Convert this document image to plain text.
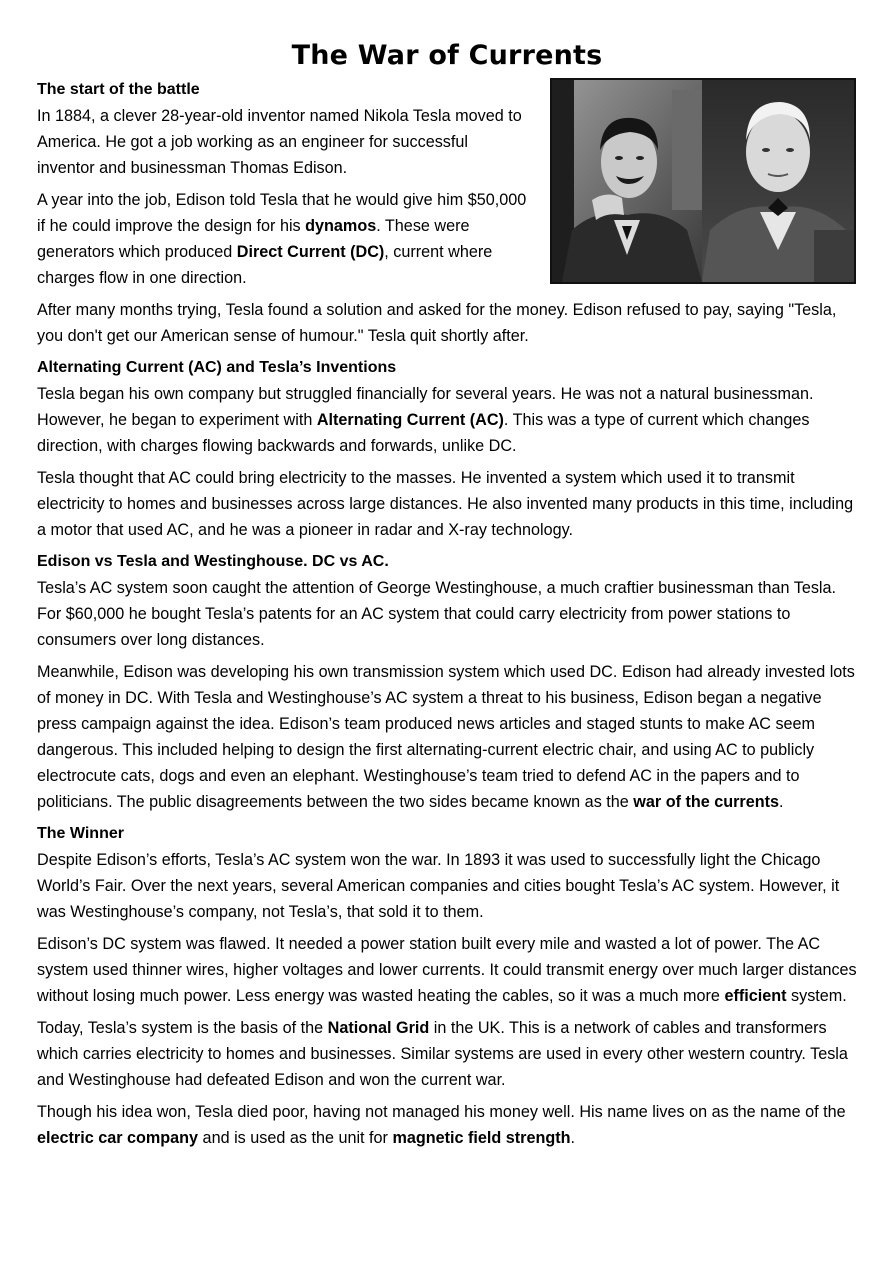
The War of Currents
The start of the battle

In 1884, a clever 28-year-old inventor named Nikola Tesla moved to America. He got a job working as an engineer for successful inventor and businessman Thomas Edison.

A year into the job, Edison told Tesla that he would give him $50,000 if he could improve the design for his dynamos. These were generators which produced Direct Current (DC), current where charges flow in one direction.

After many months trying, Tesla found a solution and asked for the money. Edison refused to pay, saying "Tesla, you don't get our American sense of humour." Tesla quit shortly after.

Alternating Current (AC) and Tesla’s Inventions

Tesla began his own company but struggled financially for several years. He was not a natural businessman. However, he began to experiment with Alternating Current (AC). This was a type of current which changes direction, with charges flowing backwards and forwards, unlike DC.

Tesla thought that AC could bring electricity to the masses. He invented a system which used it to transmit electricity to homes and businesses across large distances. He also invented many products in this time, including a motor that used AC, and he was a pioneer in radar and X-ray technology.

Edison vs Tesla and Westinghouse. DC vs AC.

Tesla’s AC system soon caught the attention of George Westinghouse, a much craftier businessman than Tesla. For $60,000 he bought Tesla’s patents for an AC system that could carry electricity from power stations to consumers over long distances.

Meanwhile, Edison was developing his own transmission system which used DC. Edison had already invested lots of money in DC. With Tesla and Westinghouse’s AC system a threat to his business, Edison began a negative press campaign against the idea. Edison’s team produced news articles and staged stunts to make AC seem dangerous. This included helping to design the first alternating-current electric chair, and using AC to publicly electrocute cats, dogs and even an elephant. Westinghouse’s team tried to defend AC in the papers and to politicians. The public disagreements between the two sides became known as the war of the currents.

The Winner

Despite Edison’s efforts, Tesla’s AC system won the war. In 1893 it was used to successfully light the Chicago World’s Fair. Over the next years, several American companies and cities bought Tesla’s AC system. However, it was Westinghouse’s company, not Tesla’s, that sold it to them.

Edison’s DC system was flawed. It needed a power station built every mile and wasted a lot of power. The AC system used thinner wires, higher voltages and lower currents. It could transmit energy over much larger distances without losing much power. Less energy was wasted heating the cables, so it was a much more efficient system.

Today, Tesla’s system is the basis of the National Grid in the UK. This is a network of cables and transformers which carries electricity to homes and businesses. Similar systems are used in every other western country. Tesla and Westinghouse had defeated Edison and won the current war.

Though his idea won, Tesla died poor, having not managed his money well. His name lives on as the name of the electric car company and is used as the unit for magnetic field strength.
